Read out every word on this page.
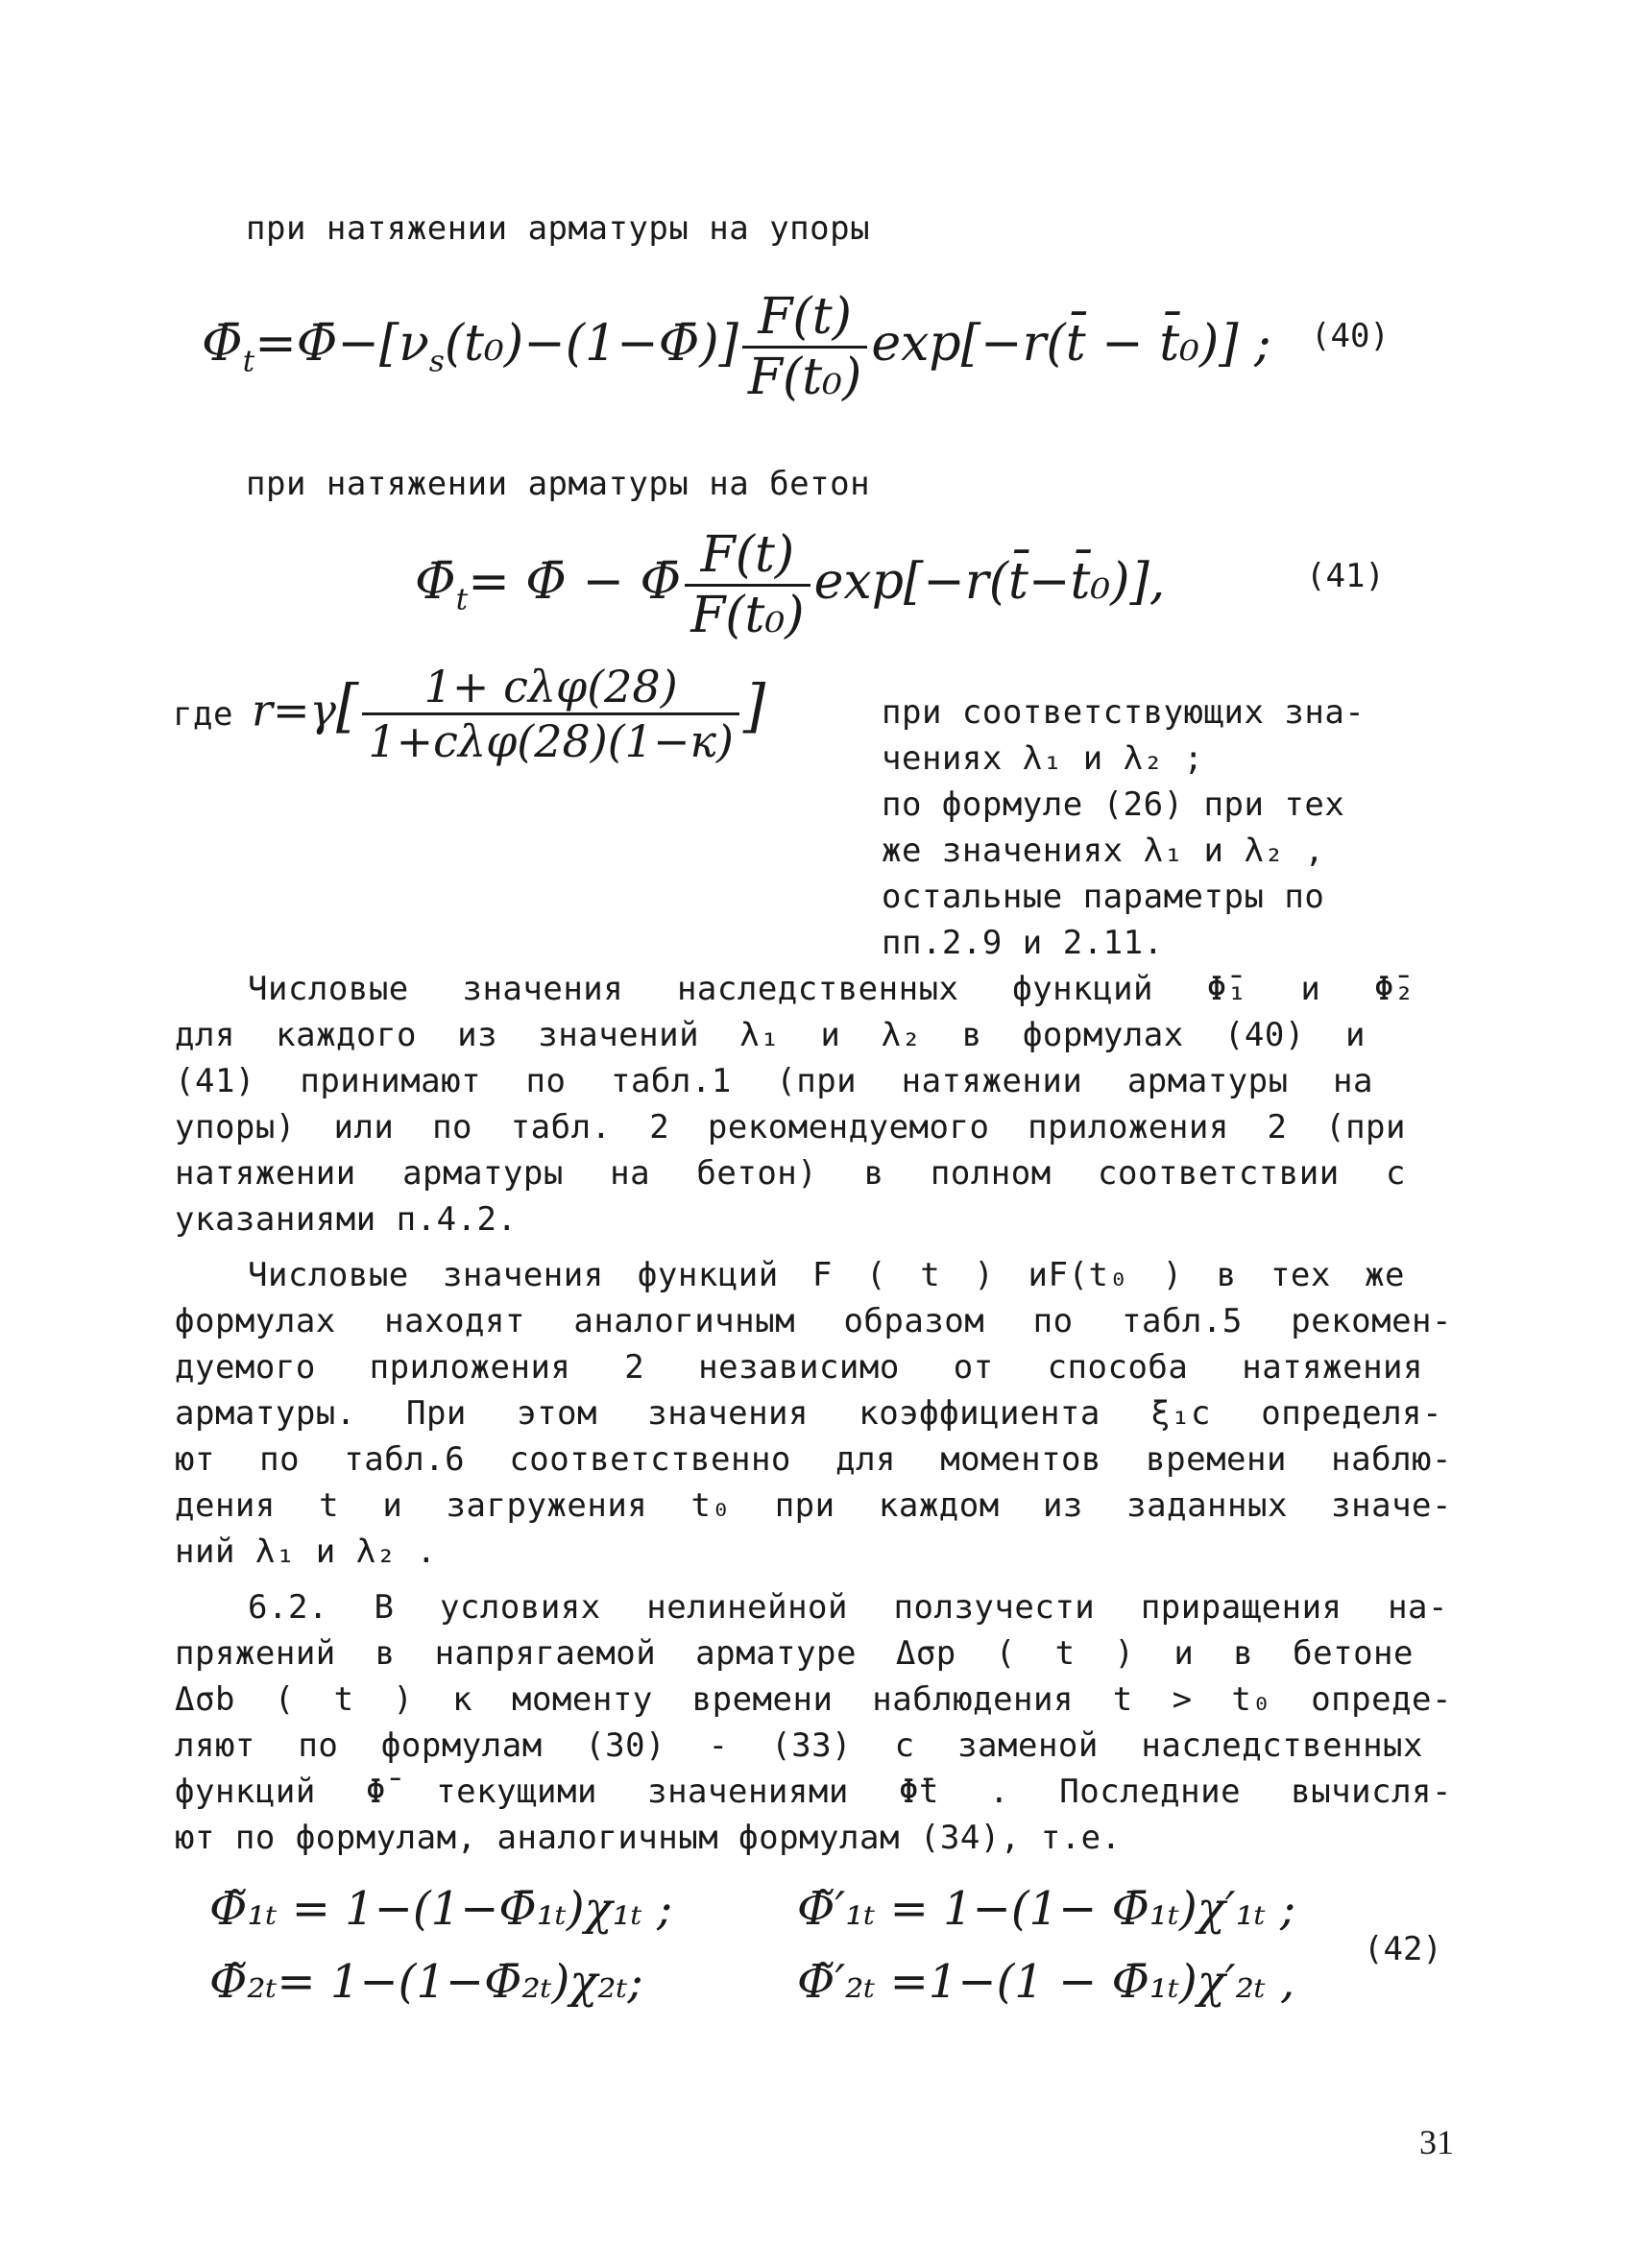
при натяжении арматуры на упоры
$\Phī_t=\Phī-[\nu_s(t_0)-(1-\Phī)] \frac{F(t)}{\text{F(t₀)}}$ exp[−r(t̄ − t̄₀)] ; (40)
при натяжении арматуры на бетон
$\Phī_t=$ Φ̄ − Φ̄ $\frac{F(t)}{\text{F(t₀)}}$ exp[−r(t̄−t̄₀)],	(41)
где $r=\gamma[ \frac{\text{1+ cλφ(28)}}{\text{1+cλφ(28)(1−к)}}$ ]	при соответствующих зна-
чениях λ₁ и λ₂ ;
по формуле (26) при тех
же значениях λ₁ и λ₂ ,
остальные параметры по
пп.2.9 и 2.11.
Числовые значения наследственных функций Φ̄₁ и Φ̄₂
для каждого из значений λ₁ и λ₂ в формулах (40) и
(41) принимают по табл.1 (при натяжении арматуры на
упоры) или по табл. 2 рекомендуемого приложения 2 (при
натяжении арматуры на бетон) в полном соответствии с
указаниями п.4.2.
Числовые значения функций F ( t ) иF(t₀ ) в тех же
формулах находят аналогичным образом по табл.5 рекомен-
дуемого приложения 2 независимо от способа натяжения
арматуры. При этом значения коэффициента ξ₁c определя-
ют по табл.6 соответственно для моментов времени наблю-
дения t и загружения t₀ при каждом из заданных значе-
ний λ₁ и λ₂ .
6.2. В условиях нелинейной ползучести приращения на-
пряжений в напрягаемой арматуре Δσp ( t ) и в бетоне
Δσb ( t ) к моменту времени наблюдения t > t₀ опреде-
ляют по формулам (30) - (33) с заменой наследственных
функций Φ̄ текущими значениями Φ̄t . Последние вычисля-
ют по формулам, аналогичным формулам (34), т.е.
Φ̃₁ₜ = 1−(1−Φ̄₁ₜ)χ₁ₜ ;	Φ̃′₁ₜ = 1−(1− Φ̄₁ₜ)χ′₁ₜ ;
Φ̃₂ₜ= 1−(1−Φ̄₂ₜ)χ₂ₜ;	Φ̃′₂ₜ =1−(1 − Φ̄₁ₜ)χ′₂ₜ ,
(42)
31
